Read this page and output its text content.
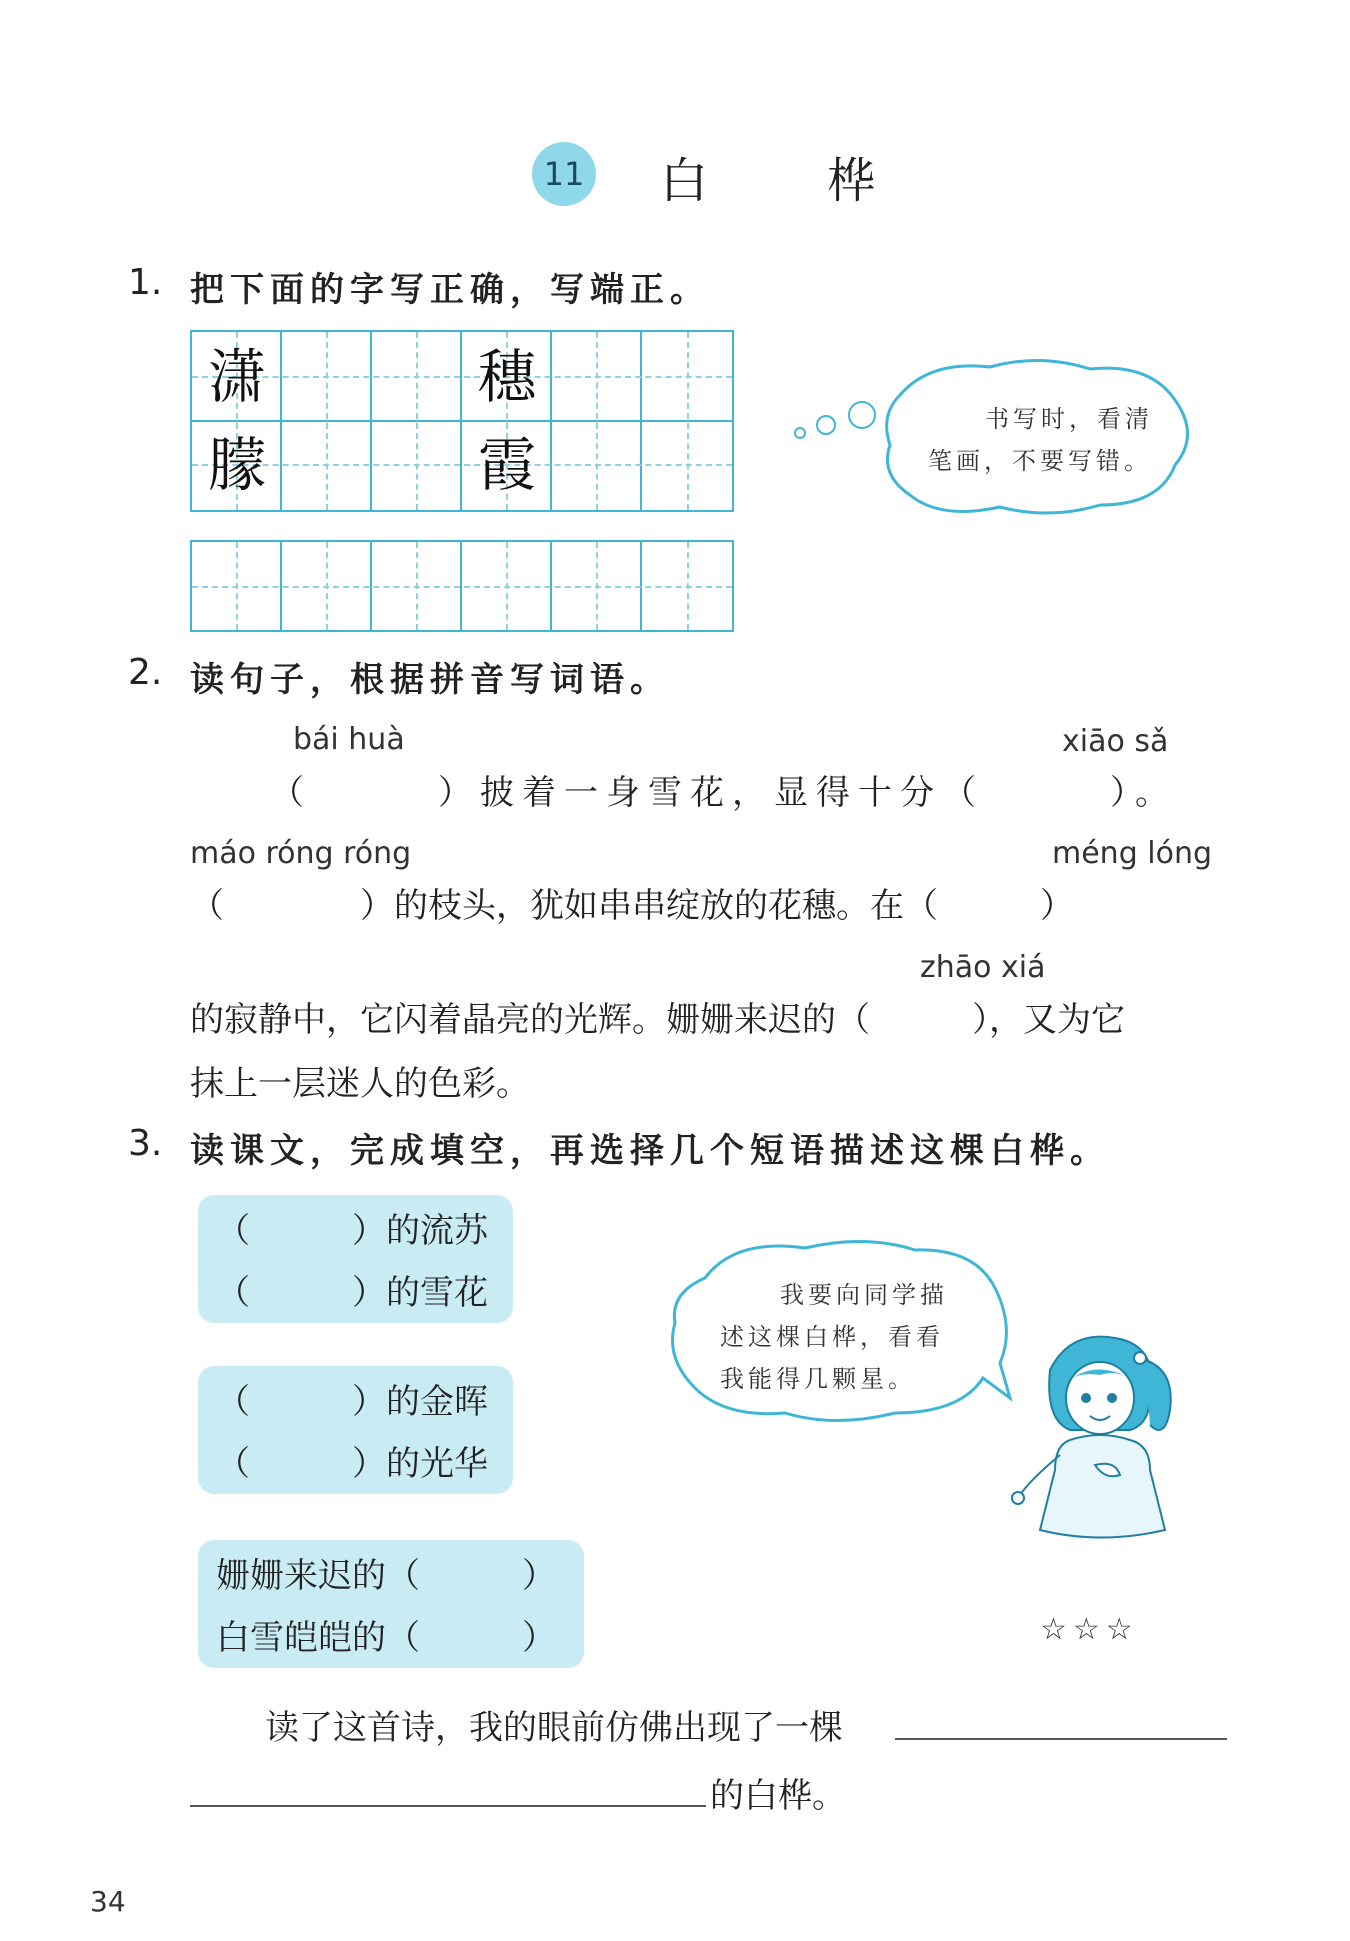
11 白 桦
1. 把下面的字写正确，写端正。
潇	穗
朦	霞
书写时，看清
笔画，不要写错。
2. 读句子，根据拼音写词语。
bái huà	xiāo sǎ
（　　　）披着一身雪花，显得十分（　　　）。
máo róng róng	méng lóng
（　　　　）的枝头，犹如串串绽放的花穗。在（　　　）
zhāo xiá
的寂静中，它闪着晶亮的光辉。姗姗来迟的（　　　），又为它
抹上一层迷人的色彩。
3. 读课文，完成填空，再选择几个短语描述这棵白桦。
（　　　）的流苏
（　　　）的雪花
（　　　）的金晖
（　　　）的光华
姗姗来迟的（　　　）
白雪皑皑的（　　　）
我要向同学描
述这棵白桦，看看
我能得几颗星。
☆☆☆
读了这首诗，我的眼前仿佛出现了一棵
的白桦。
34
